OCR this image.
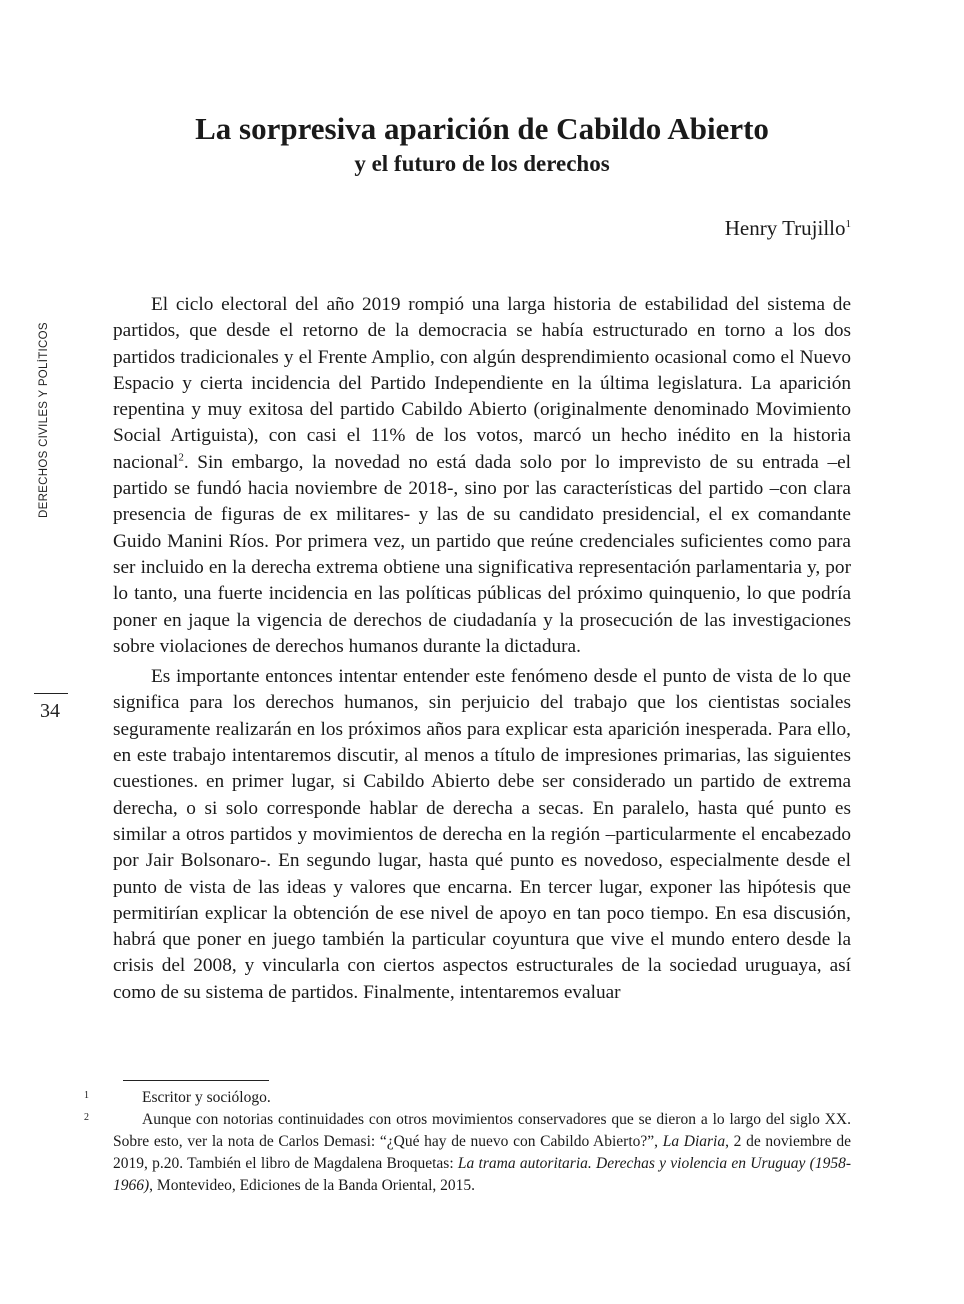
DERECHOS CIVILES Y POLÍTICOS
34
La sorpresiva aparición de Cabildo Abierto
y el futuro de los derechos
Henry Trujillo$^1$

El ciclo electoral del año 2019 rompió una larga historia de estabilidad del sistema de partidos, que desde el retorno de la democracia se había estructurado en torno a los dos partidos tradicionales y el Frente Amplio, con algún desprendimiento ocasional como el Nuevo Espacio y cierta incidencia del Partido Independiente en la última legislatura. La aparición repentina y muy exitosa del partido Cabildo Abierto (originalmente denominado Movimiento Social Artiguista), con casi el 11% de los votos, marcó un hecho inédito en la historia nacional$^2$. Sin embargo, la novedad no está dada solo por lo imprevisto de su entrada –el partido se fundó hacia noviembre de 2018-, sino por las características del partido –con clara presencia de figuras de ex militares- y las de su candidato presidencial, el ex comandante Guido Manini Ríos. Por primera vez, un partido que reúne credenciales suficientes como para ser incluido en la derecha extrema obtiene una significativa representación parlamentaria y, por lo tanto, una fuerte incidencia en las políticas públicas del próximo quinquenio, lo que podría poner en jaque la vigencia de derechos de ciudadanía y la prosecución de las investigaciones sobre violaciones de derechos humanos durante la dictadura.

Es importante entonces intentar entender este fenómeno desde el punto de vista de lo que significa para los derechos humanos, sin perjuicio del trabajo que los cientistas sociales seguramente realizarán en los próximos años para explicar esta aparición inesperada. Para ello, en este trabajo intentaremos discutir, al menos a título de impresiones primarias, las siguientes cuestiones. en primer lugar, si Cabildo Abierto debe ser considerado un partido de extrema derecha, o si solo corresponde hablar de derecha a secas. En paralelo, hasta qué punto es similar a otros partidos y movimientos de derecha en la región –particularmente el encabezado por Jair Bolsonaro-. En segundo lugar, hasta qué punto es novedoso, especialmente desde el punto de vista de las ideas y valores que encarna. En tercer lugar, exponer las hipótesis que permitirían explicar la obtención de ese nivel de apoyo en tan poco tiempo. En esa discusión, habrá que poner en juego también la particular coyuntura que vive el mundo entero desde la crisis del 2008, y vincularla con ciertos aspectos estructurales de la sociedad uruguaya, así como de su sistema de partidos. Finalmente, intentaremos evaluar

1	Escritor y sociólogo.

2	Aunque con notorias continuidades con otros movimientos conservadores que se dieron a lo largo del siglo XX. Sobre esto, ver la nota de Carlos Demasi: “¿Qué hay de nuevo con Cabildo Abierto?”, La Diaria, 2 de noviembre de 2019, p.20. También el libro de Magdalena Broquetas: La trama autoritaria. Derechas y violencia en Uruguay (1958-1966), Montevideo, Ediciones de la Banda Oriental, 2015.
